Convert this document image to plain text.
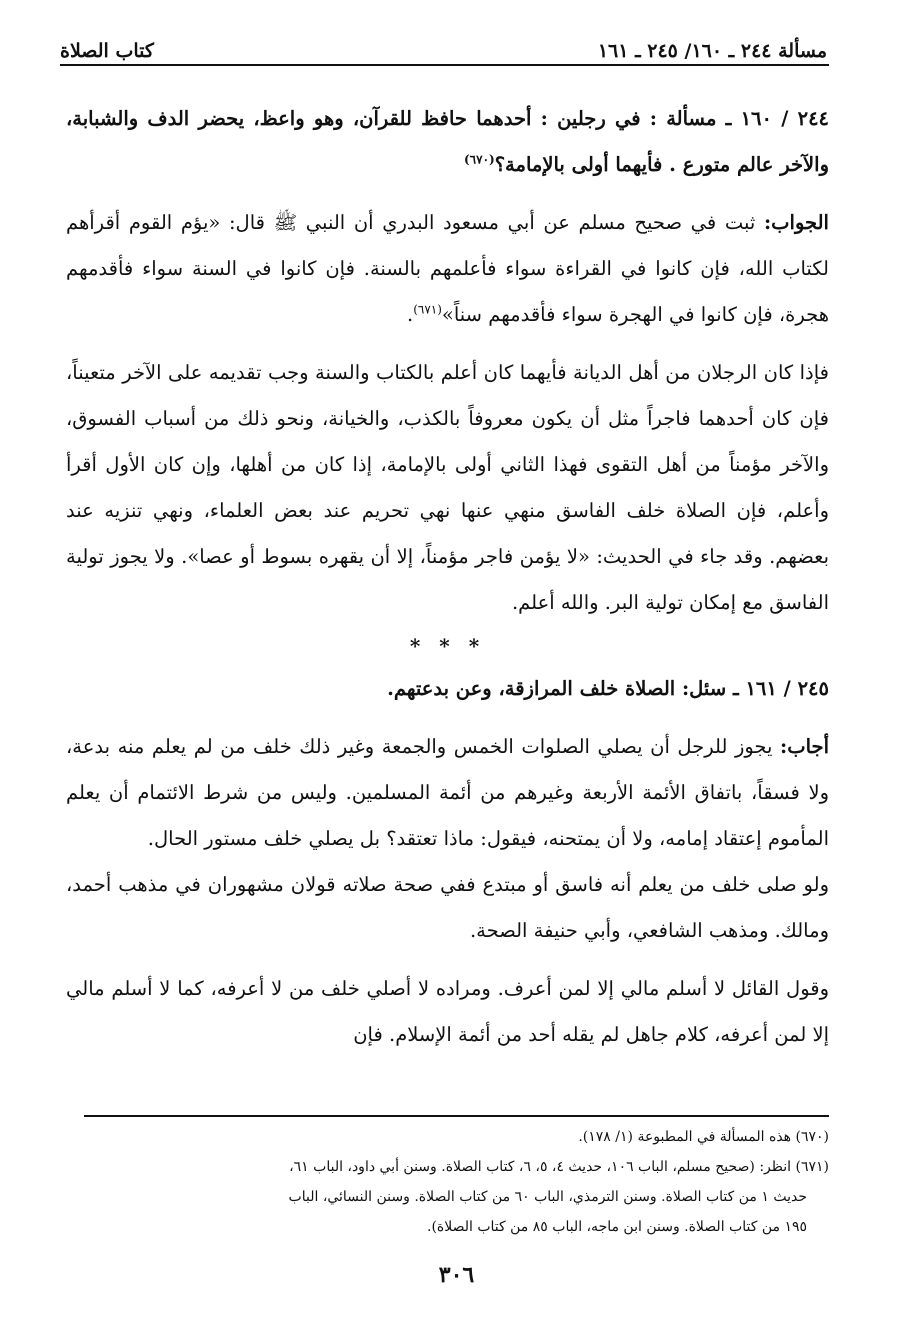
مسألة ٢٤٤ ـ ١٦٠/ ٢٤٥ ـ ١٦١
كتاب الصلاة

٢٤٤ / ١٦٠ ـ مسألة : في رجلين : أحدهما حافظ للقرآن، وهو واعظ، يحضر الدف والشبابة، والآخر عالم متورع . فأيهما أولى بالإمامة؟$^{(٦٧٠)}$

الجواب: ثبت في صحيح مسلم عن أبي مسعود البدري أن النبي ﷺ قال: «يؤم القوم أقرأهم لكتاب الله، فإن كانوا في القراءة سواء فأعلمهم بالسنة. فإن كانوا في السنة سواء فأقدمهم هجرة، فإن كانوا في الهجرة سواء فأقدمهم سناً»$^{(٦٧١)}$.

فإذا كان الرجلان من أهل الديانة فأيهما كان أعلم بالكتاب والسنة وجب تقديمه على الآخر متعيناً، فإن كان أحدهما فاجراً مثل أن يكون معروفاً بالكذب، والخيانة، ونحو ذلك من أسباب الفسوق، والآخر مؤمناً من أهل التقوى فهذا الثاني أولى بالإمامة، إذا كان من أهلها، وإن كان الأول أقرأ وأعلم، فإن الصلاة خلف الفاسق منهي عنها نهي تحريم عند بعض العلماء، ونهي تنزيه عند بعضهم. وقد جاء في الحديث: «لا يؤمن فاجر مؤمناً، إلا أن يقهره بسوط أو عصا». ولا يجوز تولية الفاسق مع إمكان تولية البر. والله أعلم.

* * *

٢٤٥ / ١٦١ ـ سئل: الصلاة خلف المرازقة، وعن بدعتهم.

أجاب: يجوز للرجل أن يصلي الصلوات الخمس والجمعة وغير ذلك خلف من لم يعلم منه بدعة، ولا فسقاً، باتفاق الأئمة الأربعة وغيرهم من أئمة المسلمين. وليس من شرط الائتمام أن يعلم المأموم إعتقاد إمامه، ولا أن يمتحنه، فيقول: ماذا تعتقد؟ بل يصلي خلف مستور الحال.

ولو صلى خلف من يعلم أنه فاسق أو مبتدع ففي صحة صلاته قولان مشهوران في مذهب أحمد، ومالك. ومذهب الشافعي، وأبي حنيفة الصحة.

وقول القائل لا أسلم مالي إلا لمن أعرف. ومراده لا أصلي خلف من لا أعرفه، كما لا أسلم مالي إلا لمن أعرفه، كلام جاهل لم يقله أحد من أئمة الإسلام. فإن

(٦٧٠) هذه المسألة في المطبوعة (١/ ١٧٨).

(٦٧١) انظر: (صحيح مسلم، الباب ١٠٦، حديث ٤، ٥، ٦، كتاب الصلاة. وسنن أبي داود، الباب ٦١،

حديث ١ من كتاب الصلاة. وسنن الترمذي، الباب ٦٠ من كتاب الصلاة. وسنن النسائي، الباب

١٩٥ من كتاب الصلاة. وسنن ابن ماجه، الباب ٨٥ من كتاب الصلاة).

٣٠٦
